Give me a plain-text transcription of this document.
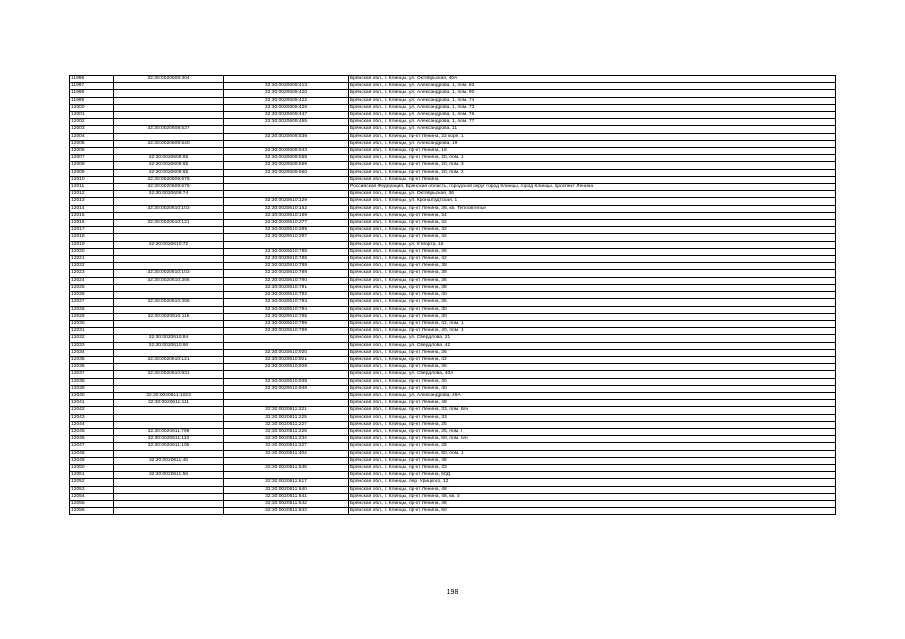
11996	32:30:0020609:304		Брянская обл., г. Клинцы, ул. Октябрьская, 40А
11997		32:30:0020609:413	Брянская обл., г. Клинцы, ул. Александрова, 1, пом. 83
11998		32:30:0020609:420	Брянская обл., г. Клинцы, ул. Александрова, 1, пом. 90
11999		32:30:0020609:422	Брянская обл., г. Клинцы, ул. Александрова, 1, пом. 74
12000		32:30:0020609:426	Брянская обл., г. Клинцы, ул. Александрова, 1, пом. 73
12001		32:30:0020609:447	Брянская обл., г. Клинцы, ул. Александрова, 1, пом. 76
12002		32:30:0020609:465	Брянская обл., г. Клинцы, ул. Александрова, 1, пом. 77
12003	32:30:0020609:537		Брянская обл., г. Клинцы, ул. Александрова, 11
12004		32:30:0020609:539	Брянская обл., г. Клинцы, пр-кт Ленина, 22 корп. 1
12005	32:30:0020609:540		Брянская обл., г. Клинцы, ул. Александрова, 19
12006		32:30:0020609:543	Брянская обл., г. Клинцы, пр-кт Ленина, 18
12007	32:30:0020609:65	32:30:0020609:558	Брянская обл., г. Клинцы, пр-кт Ленина, 20, пом. 1
12008	32:30:0020609:65	32:30:0020609:559	Брянская обл., г. Клинцы, пр-кт Ленина, 20, пом. 3
12009	32:30:0020609:65	32:30:0020609:560	Брянская обл., г. Клинцы, пр-кт Ленина, 20, пом. 2
12010	32:30:0020609:678		Брянская обл., г. Клинцы, пр-кт Ленина
12011	32:30:0020609:679		Российская Федерация, Брянская область, городской округ город Клинцы, город Клинцы, проспект Ленина
12012	32:30:0020609:74		Брянская обл., г. Клинцы, ул. Октябрьская, 36
12013		32:30:0020610:129	Брянская обл., г. Клинцы, ул. Кронштадтская, 1
12014	32:30:0020610:103	32:30:0020610:152	Брянская обл., г. Клинцы, пр-кт Ленина, 38, кв. Тепловтелье
12015		32:30:0020610:169	Брянская обл., г. Клинцы, пр-кт Ленина, 34
12016	32:30:0020610:121	32:30:0020610:277	Брянская обл., г. Клинцы, пр-кт Ленина, 42
12017		32:30:0020610:289	Брянская обл., г. Клинцы, пр-кт Ленина, 42
12018		32:30:0020610:297	Брянская обл., г. Клинцы, пр-кт Ленина, 42
12019	32:30:0020610:72		Брянская обл., г. Клинцы, ул. 8 Марта, 16
12020		32:30:0020610:785	Брянская обл., г. Клинцы, пр-кт Ленина, 36
12021		32:30:0020610:786	Брянская обл., г. Клинцы, пр-кт Ленина, 42
12022		32:30:0020610:788	Брянская обл., г. Клинцы, пр-кт Ленина, 38
12023	32:30:0020610:103	32:30:0020610:789	Брянская обл., г. Клинцы, пр-кт Ленина, 38
12024	32:30:0020610:306	32:30:0020610:790	Брянская обл., г. Клинцы, пр-кт Ленина, 36
12025		32:30:0020610:791	Брянская обл., г. Клинцы, пр-кт Ленина, 38
12026		32:30:0020610:792	Брянская обл., г. Клинцы, пр-кт Ленина, 40
12027	32:30:0020610:306	32:30:0020610:793	Брянская обл., г. Клинцы, пр-кт Ленина, 36
12028		32:30:0020610:794	Брянская обл., г. Клинцы, пр-кт Ленина, 30
12029	32:30:0020610:115	32:30:0020610:795	Брянская обл., г. Клинцы, пр-кт Ленина, 30
12030		32:30:0020610:796	Брянская обл., г. Клинцы, пр-кт Ленина, 42, пом. 1
12031		32:30:0020610:799	Брянская обл., г. Клинцы, пр-кт Ленина, 40, пом. 1
12032	32:30:0020610:84		Брянская обл., г. Клинцы, ул. Свердлова, 21
12033	32:30:0020610:90		Брянская обл., г. Клинцы, ул. Свердлова, 42
12034		32:30:0020610:920	Брянская обл., г. Клинцы, пр-кт Ленина, 36
12035	32:30:0020610:121	32:30:0020610:921	Брянская обл., г. Клинцы, пр-кт Ленина, 42
12036		32:30:0020610:926	Брянская обл., г. Клинцы, пр-кт Ленина, 36
12037	32:30:0020610:931		Брянская обл., г. Клинцы, ул. Свердлова, 40А
12038		32:30:0020610:938	Брянская обл., г. Клинцы, пр-кт Ленина, 40
12039		32:30:0020610:948	Брянская обл., г. Клинцы, пр-кт Ленина, 40
12040	32:30:0020611:1023		Брянская обл., г. Клинцы, ул. Александрова, 49А
12041	32:30:0020611:111		Брянская обл., г. Клинцы, пр-кт Ленина, 48
12042		32:30:0020611:221	Брянская обл., г. Клинцы, пр-кт Ленина, 33, пом. Б/н
12043		32:30:0020611:225	Брянская обл., г. Клинцы, пр-кт Ленина, 33
12044		32:30:0020611:227	Брянская обл., г. Клинцы, пр-кт Ленина, 25
12045	32:30:0020611:799	32:30:0020611:228	Брянская обл., г. Клинцы, пр-кт Ленина, 25, пом. I
12046	32:30:0020611:110	32:30:0020611:234	Брянская обл., г. Клинцы, пр-кт Ленина, 50, пом. б/н
12047	32:30:0020611:105	32:30:0020611:327	Брянская обл., г. Клинцы, пр-кт Ленина, 25
12048		32:30:0020611:404	Брянская обл., г. Клинцы, пр-кт Ленина, 50, пом. 1
12049	32:30:0020611:48		Брянская обл., г. Клинцы, пр-кт Ленина, 46
12050		32:30:0020611:545	Брянская обл., г. Клинцы, пр-кт Ленина, 33
12051	32:30:0020611:58		Брянская обл., г. Клинцы, пр-кт Ленина, 50Д
12052		32:30:0020611:617	Брянская обл., г. Клинцы, пер. Урицкого, 12
12053		32:30:0020611:640	Брянская обл., г. Клинцы, пр-кт Ленина, 48
12054		32:30:0020611:641	Брянская обл., г. Клинцы, пр-кт Ленина, 48, кв. 3
12055		32:30:0020611:642	Брянская обл., г. Клинцы, пр-кт Ленина, 48
12056		32:30:0020611:643	Брянская обл., г. Клинцы, пр-кт Ленина, 50
198
